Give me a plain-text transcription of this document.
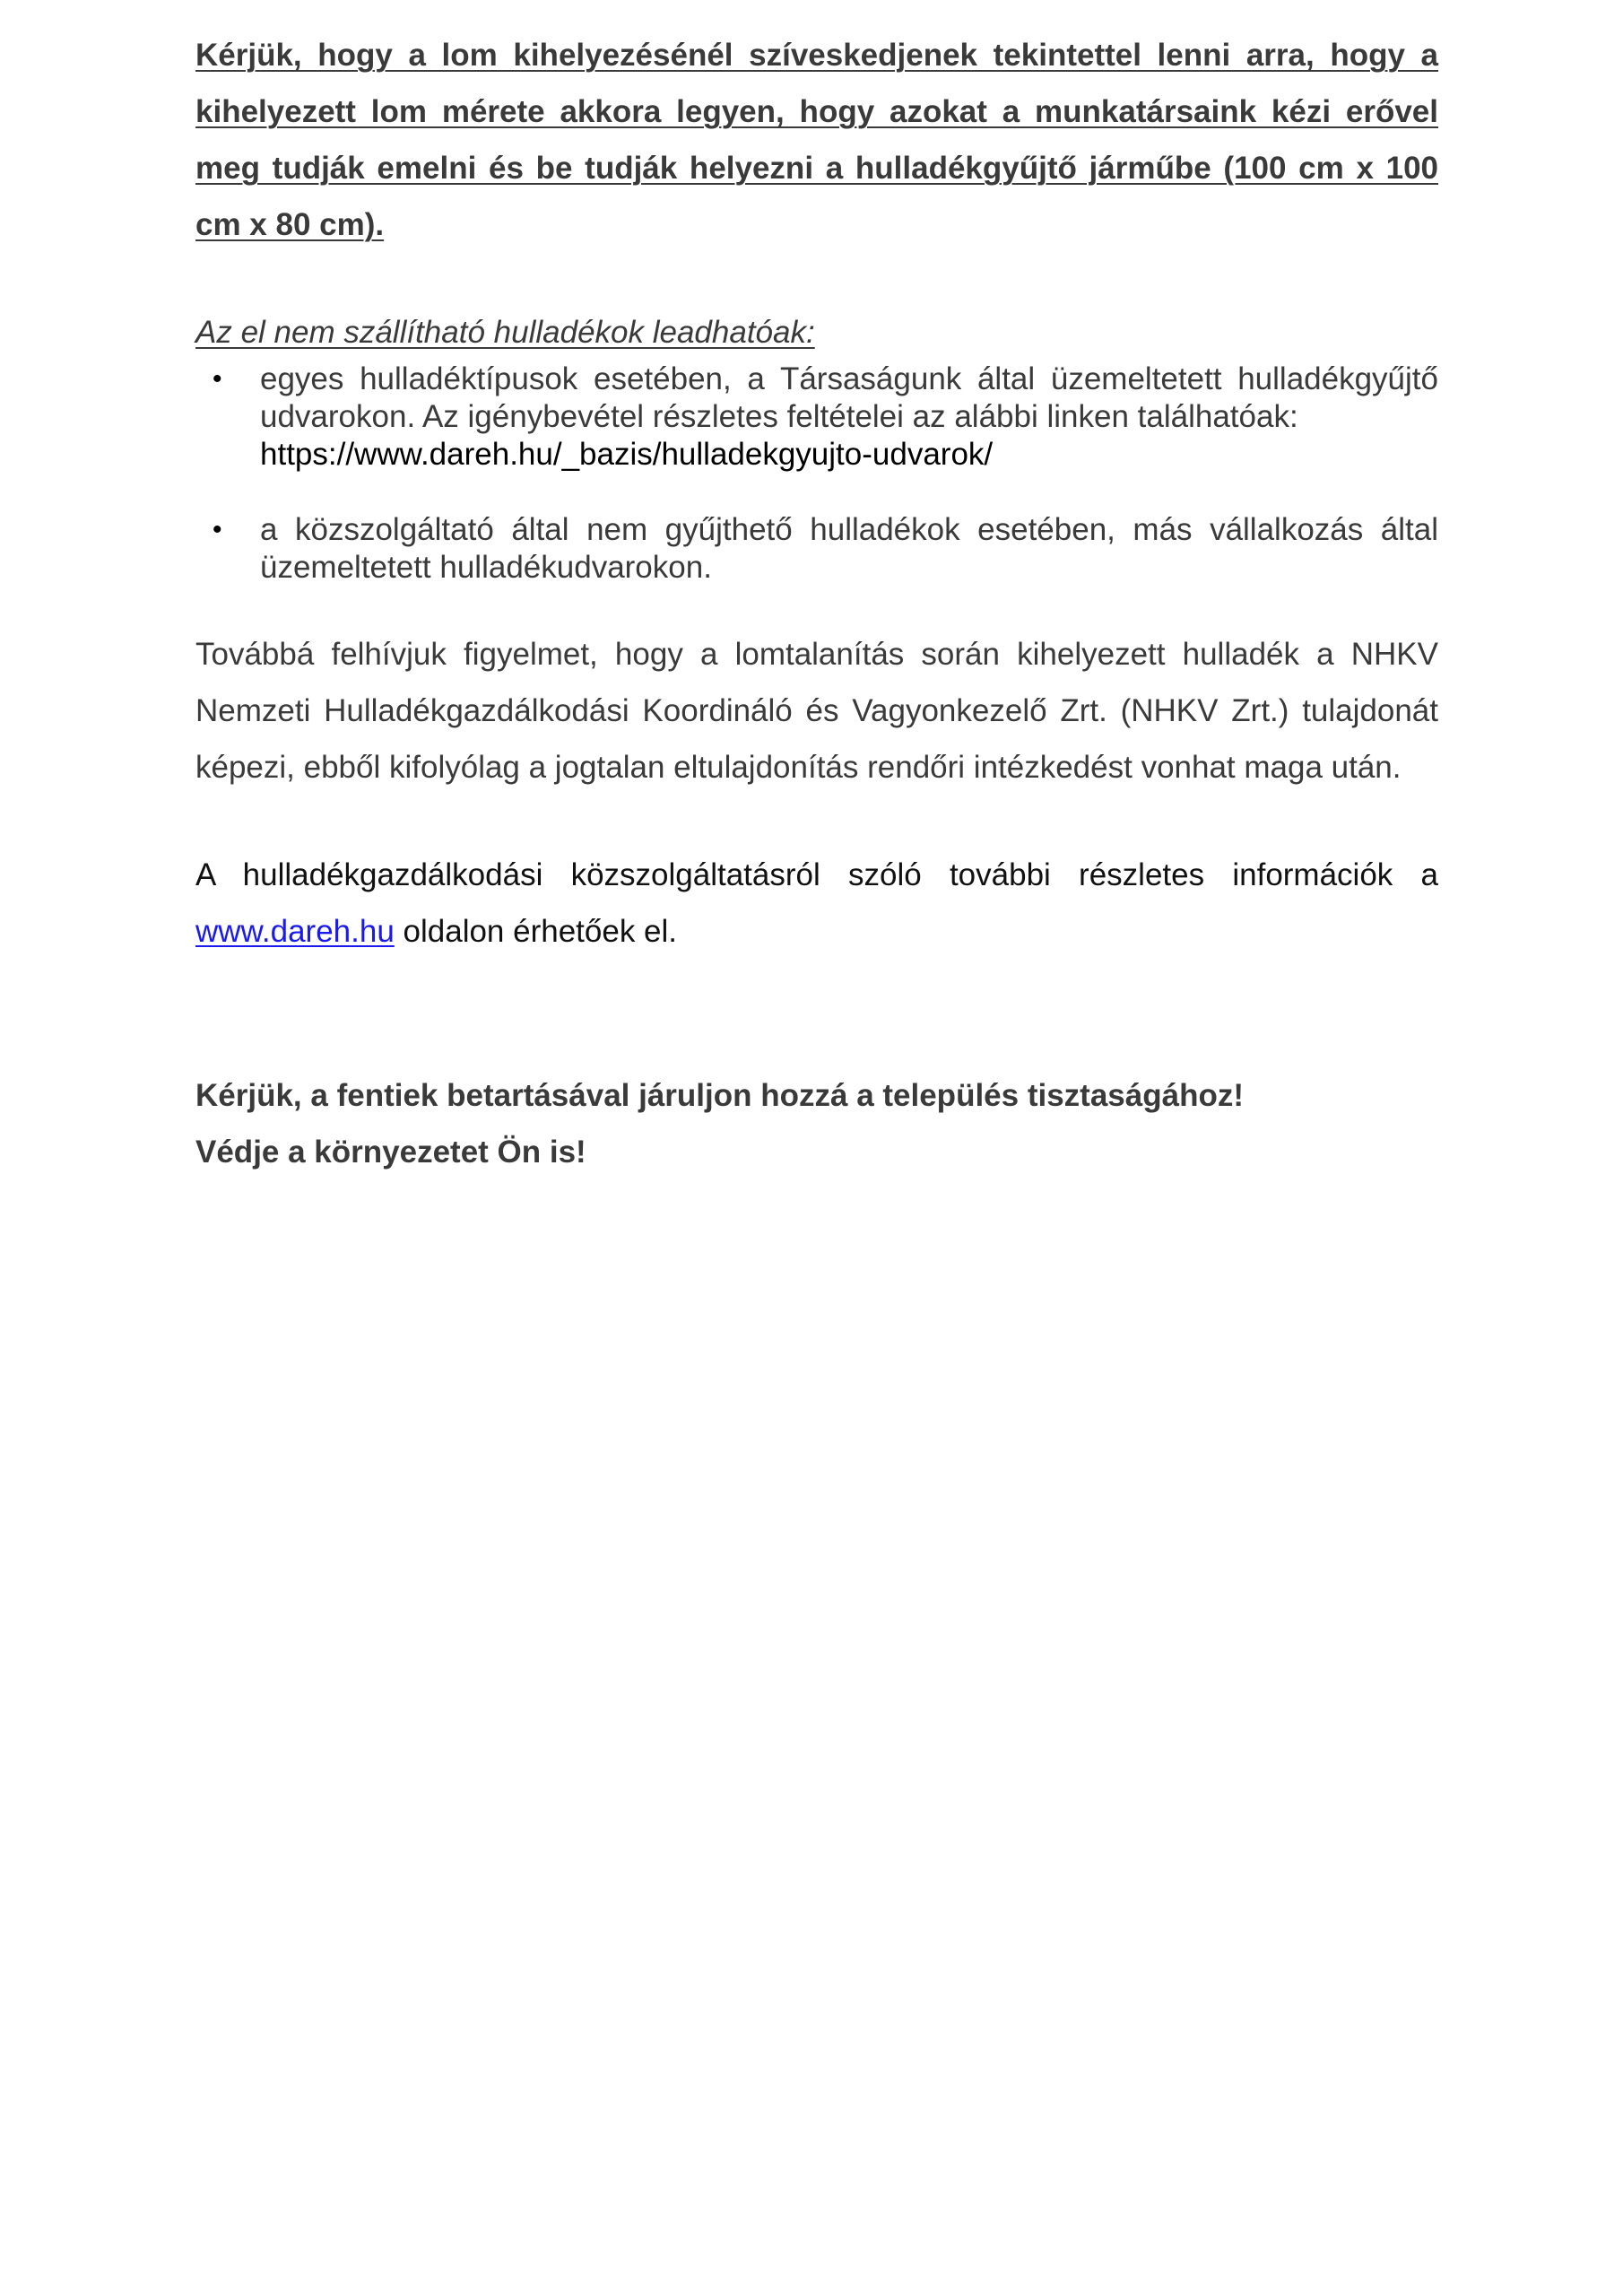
Kérjük, hogy a lom kihelyezésénél szíveskedjenek tekintettel lenni arra, hogy a kihelyezett lom mérete akkora legyen, hogy azokat a munkatársaink kézi erővel meg tudják emelni és be tudják helyezni a hulladékgyűjtő járműbe (100 cm x 100 cm x 80 cm).

Az el nem szállítható hulladékok leadhatóak:

• egyes hulladéktípusok esetében, a Társaságunk által üzemeltetett hulladékgyűjtő udvarokon. Az igénybevétel részletes feltételei az alábbi linken találhatóak:
https://www.dareh.hu/_bazis/hulladekgyujto-udvarok/
• a közszolgáltató által nem gyűjthető hulladékok esetében, más vállalkozás által üzemeltetett hulladékudvarokon.

Továbbá felhívjuk figyelmet, hogy a lomtalanítás során kihelyezett hulladék a NHKV Nemzeti Hulladékgazdálkodási Koordináló és Vagyonkezelő Zrt. (NHKV Zrt.) tulajdonát képezi, ebből kifolyólag a jogtalan eltulajdonítás rendőri intézkedést vonhat maga után.

A hulladékgazdálkodási közszolgáltatásról szóló további részletes információk a www.dareh.hu oldalon érhetőek el.

Kérjük, a fentiek betartásával járuljon hozzá a település tisztaságához!
Védje a környezetet Ön is!
